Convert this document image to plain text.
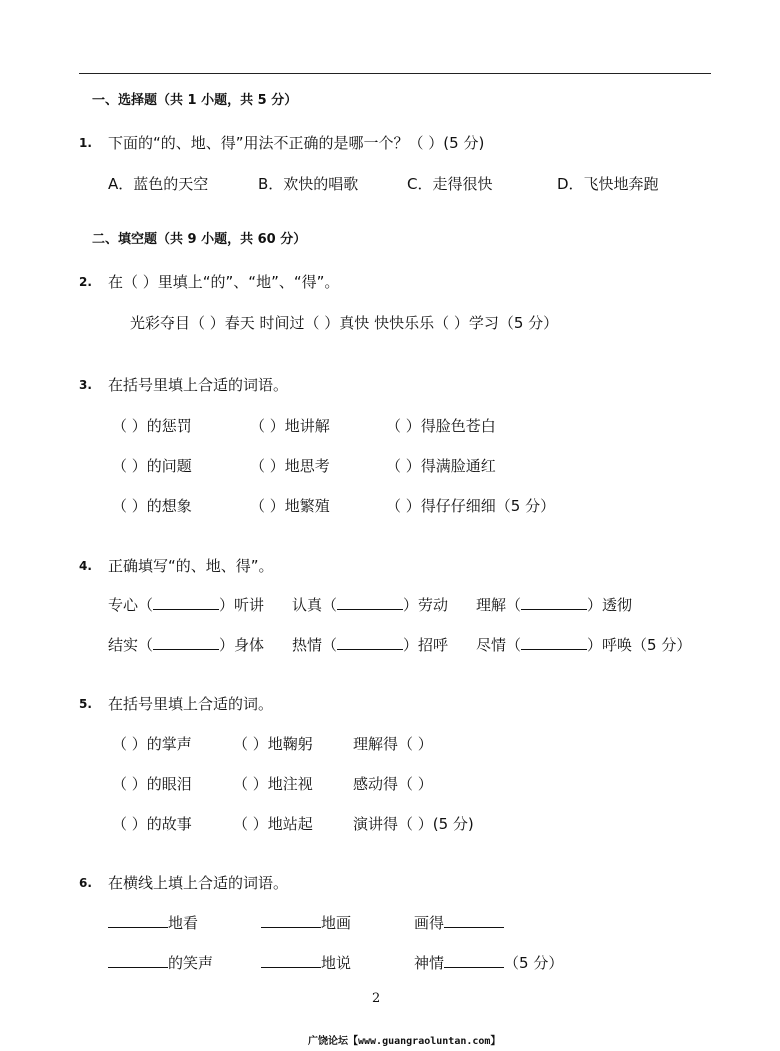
一、选择题（共 1 小题，共 5 分）
1. 下面的“的、地、得”用法不正确的是哪一个？（ ）(5 分)
A．蓝色的天空	B．欢快的唱歌	C．走得很快	D．飞快地奔跑
二、填空题（共 9 小题，共 60 分）
2. 在（ ）里填上“的”、“地”、“得”。
光彩夺目（ ）春天 时间过（ ）真快 快快乐乐（ ）学习（5 分）
3. 在括号里填上合适的词语。
（ ）的惩罚	（ ）地讲解	（ ）得脸色苍白
（ ）的问题	（ ）地思考	（ ）得满脸通红
（ ）的想象	（ ）地繁殖	（ ）得仔仔细细（5 分）
4. 正确填写“的、地、得”。
专心（	）听讲 认真（	）劳动 理解（	）透彻
结实（	）身体 热情（	）招呼 尽情（	）呼唤（5 分）
5. 在括号里填上合适的词。
（ ）的掌声	（ ）地鞠躬	理解得（ ）
（ ）的眼泪	（ ）地注视	感动得（ ）
（ ）的故事	（ ）地站起	演讲得（ ）(5 分)
6. 在横线上填上合适的词语。
地看	地画	画得
的笑声	地说	神情	（5 分）
2
广饶论坛【www.guangraoluntan.com】
